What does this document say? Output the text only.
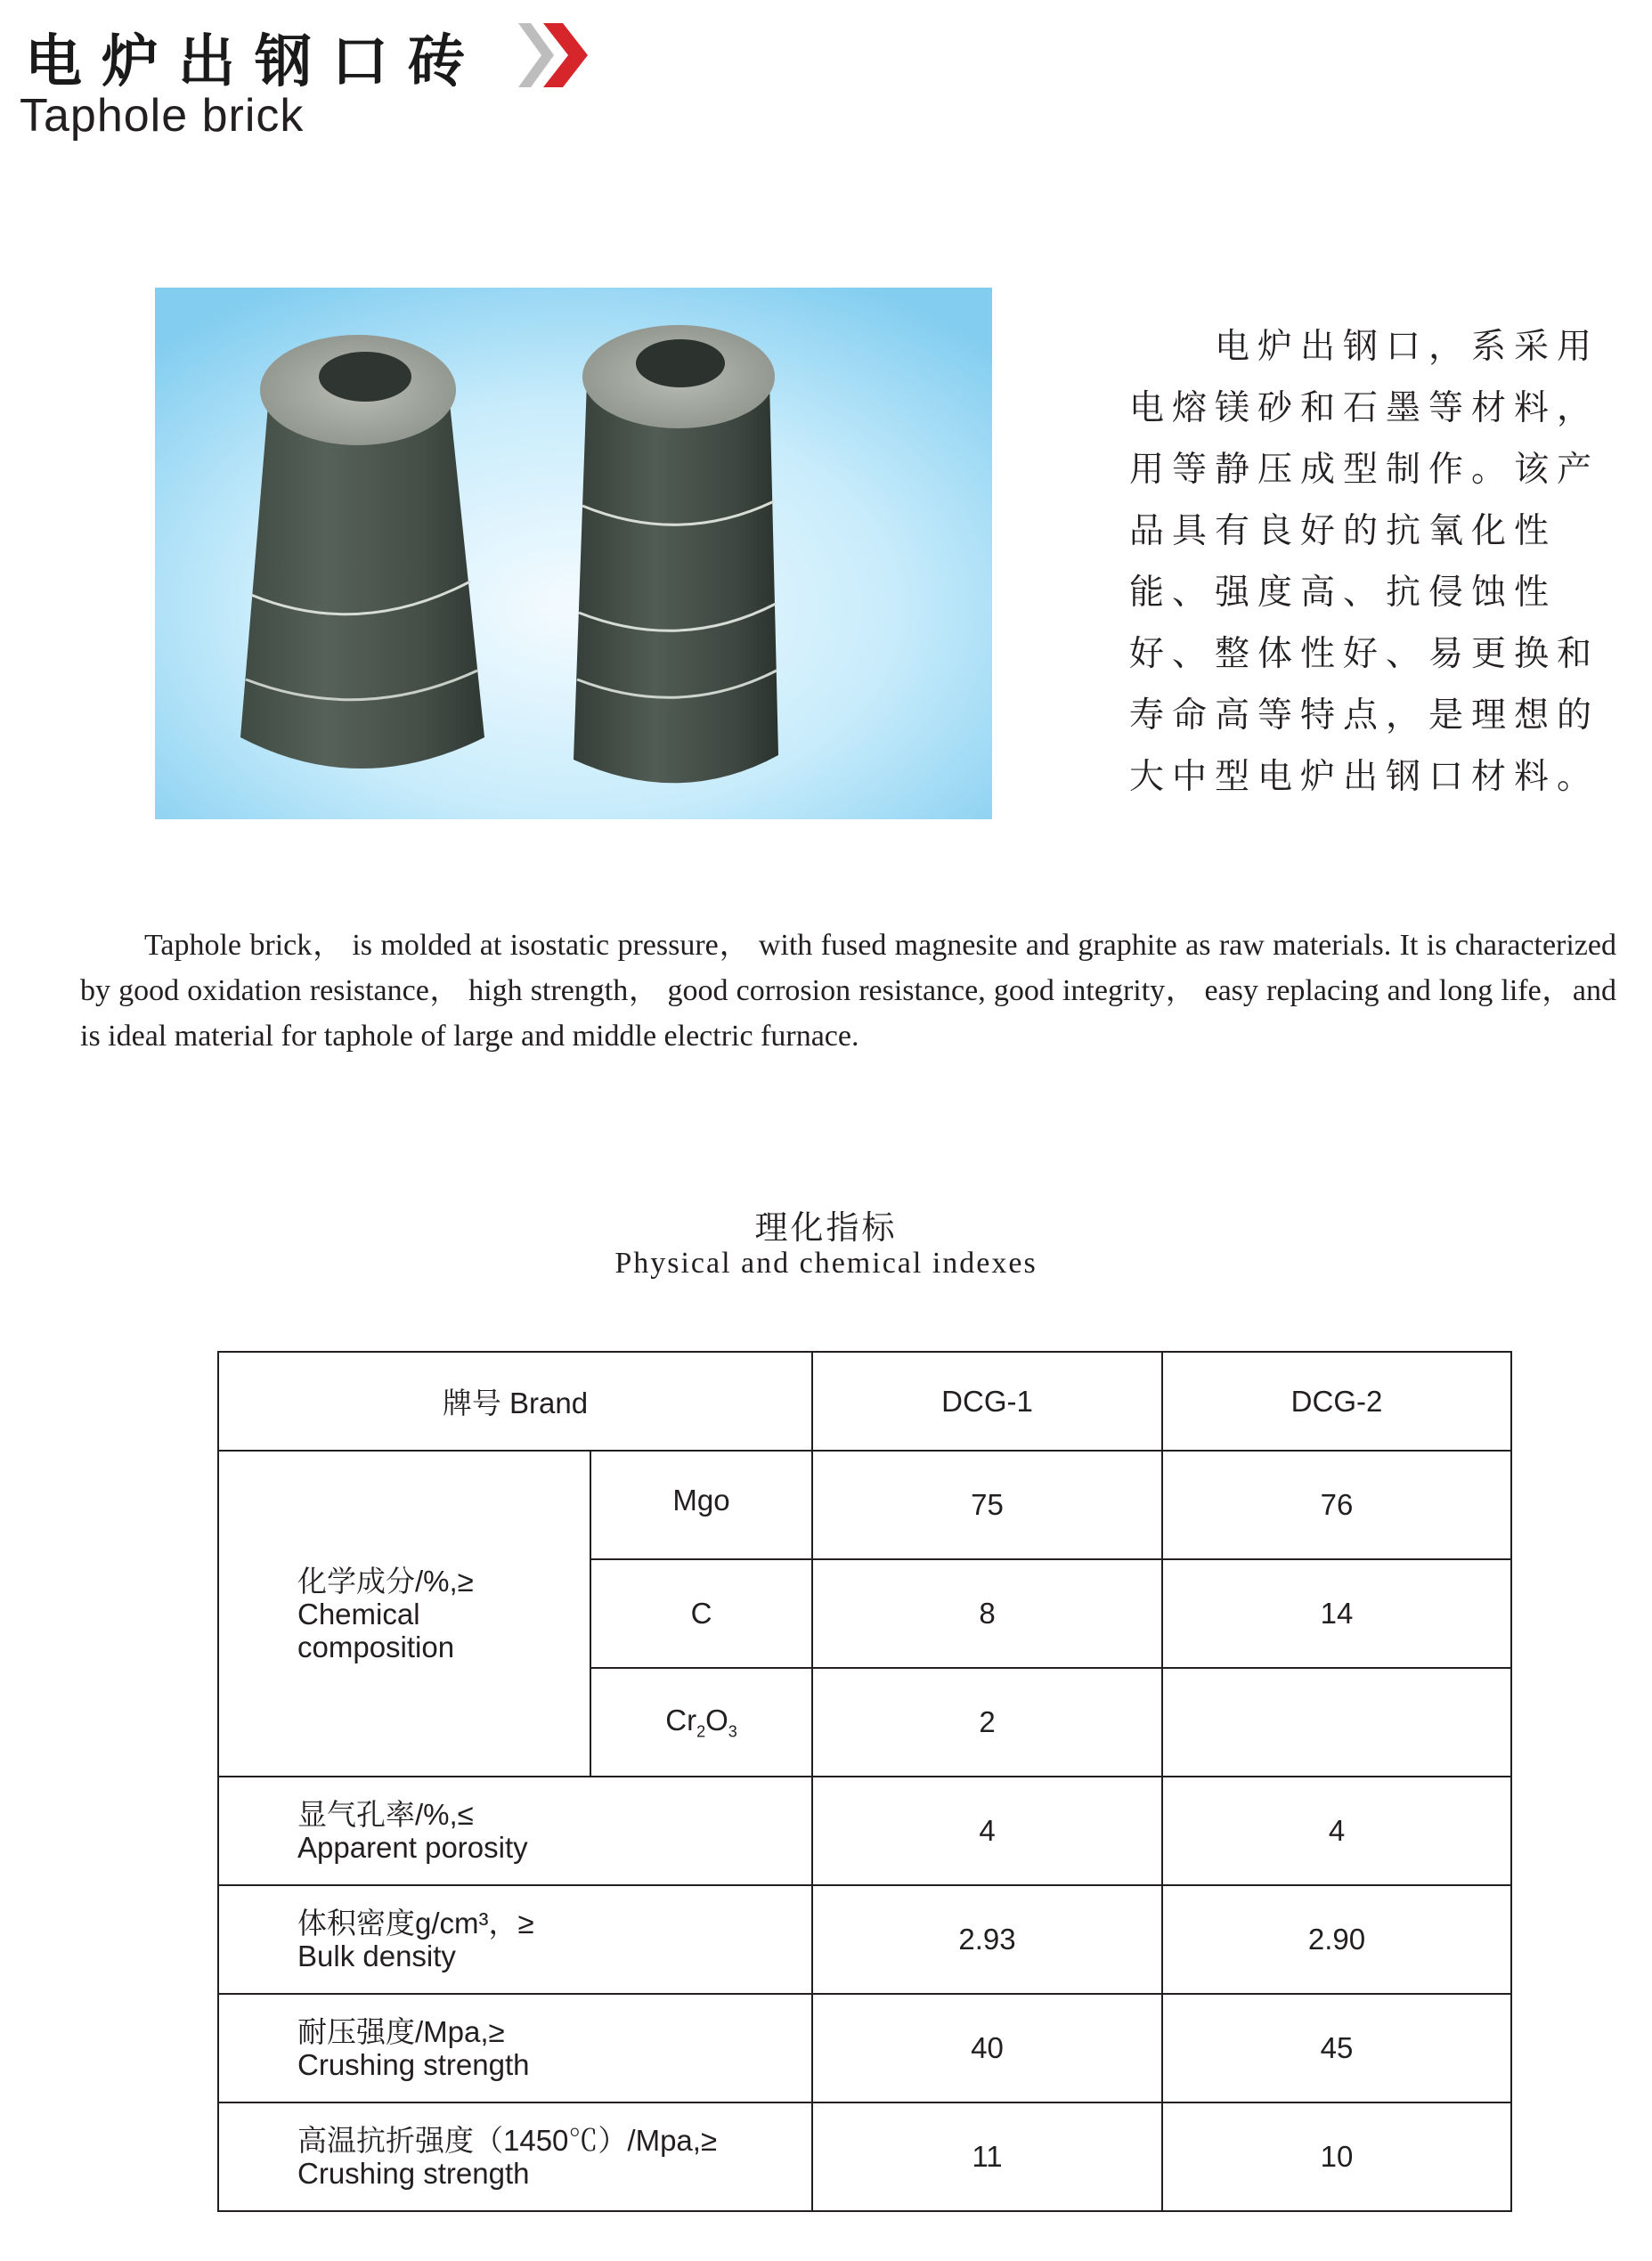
电炉出钢口砖
Taphole brick
电炉出钢口，系采用
电熔镁砂和石墨等材料，
用等静压成型制作。该产
品具有良好的抗氧化性
能、强度高、抗侵蚀性
好、整体性好、易更换和
寿命高等特点，是理想的
大中型电炉出钢口材料。
Taphole brick， is molded at isostatic pressure， with fused magnesite and graphite as raw materials. It is characterized by good oxidation resistance， high strength， good corrosion resistance, good integrity， easy replacing and long life，and is ideal material for taphole of large and middle electric furnace.
理化指标
Physical and chemical indexes
牌号 Brand		DCG-1	DCG-2

化学成分/%,≥
Chemical
composition	Mgo	75	76
	C	8	14
	$Cr_2O_3$	2	

显气孔率/%,≤
Apparent porosity		4	4

体积密度g/cm³，≥
Bulk density		2.93	2.90

耐压强度/Mpa,≥
Crushing strength		40	45

高温抗折强度（1450℃）/Mpa,≥
Crushing strength		11	10
